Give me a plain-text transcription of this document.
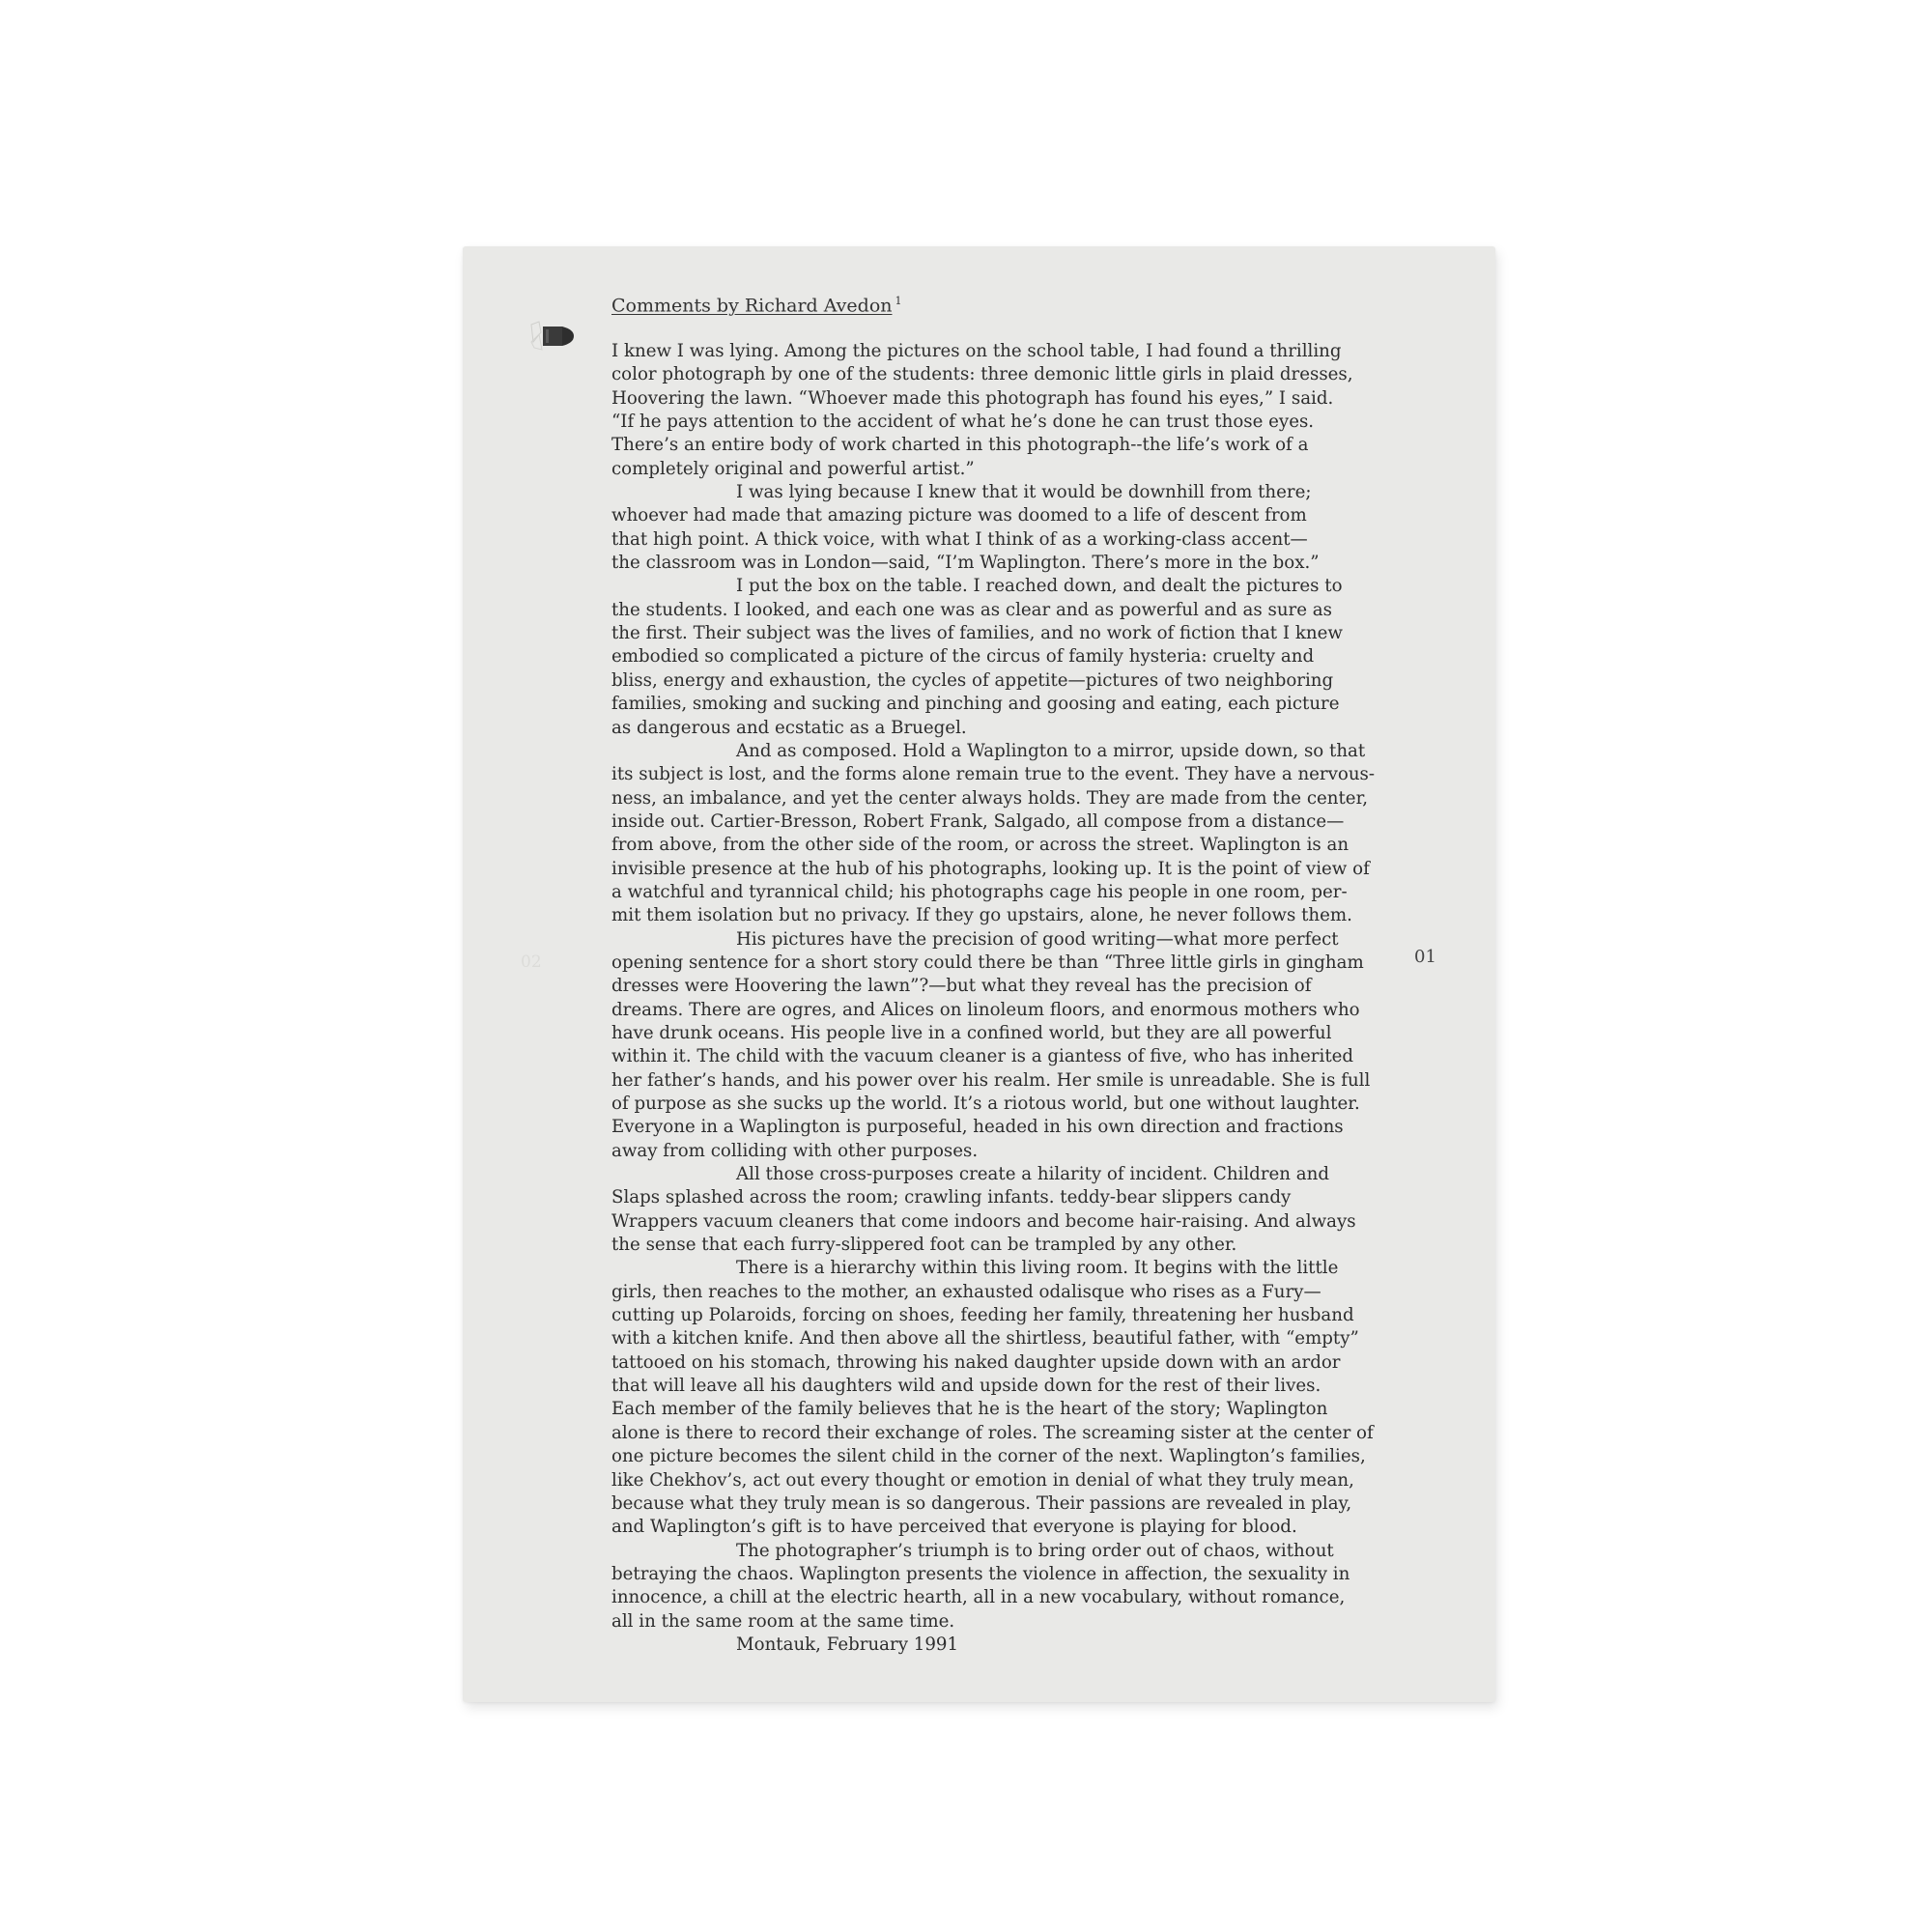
Comments by Richard Avedon $^1$
I knew I was lying. Among the pictures on the school table, I had found a thrilling
color photograph by one of the students: three demonic little girls in plaid dresses,
Hoovering the lawn. “Whoever made this photograph has found his eyes,” I said.
“If he pays attention to the accident of what he’s done he can trust those eyes.
There’s an entire body of work charted in this photograph--the life’s work of a
completely original and powerful artist.”
I was lying because I knew that it would be downhill from there;
whoever had made that amazing picture was doomed to a life of descent from
that high point. A thick voice, with what I think of as a working-class accent—
the classroom was in London—said, “I’m Waplington. There’s more in the box.”
I put the box on the table. I reached down, and dealt the pictures to
the students. I looked, and each one was as clear and as powerful and as sure as
the first. Their subject was the lives of families, and no work of fiction that I knew
embodied so complicated a picture of the circus of family hysteria: cruelty and
bliss, energy and exhaustion, the cycles of appetite—pictures of two neighboring
families, smoking and sucking and pinching and goosing and eating, each picture
as dangerous and ecstatic as a Bruegel.
And as composed. Hold a Waplington to a mirror, upside down, so that
its subject is lost, and the forms alone remain true to the event. They have a nervous-
ness, an imbalance, and yet the center always holds. They are made from the center,
inside out. Cartier-Bresson, Robert Frank, Salgado, all compose from a distance—
from above, from the other side of the room, or across the street. Waplington is an
invisible presence at the hub of his photographs, looking up. It is the point of view of
a watchful and tyrannical child; his photographs cage his people in one room, per-
mit them isolation but no privacy. If they go upstairs, alone, he never follows them.
His pictures have the precision of good writing—what more perfect
opening sentence for a short story could there be than “Three little girls in gingham
dresses were Hoovering the lawn”?—but what they reveal has the precision of
dreams. There are ogres, and Alices on linoleum floors, and enormous mothers who
have drunk oceans. His people live in a confined world, but they are all powerful
within it. The child with the vacuum cleaner is a giantess of five, who has inherited
her father’s hands, and his power over his realm. Her smile is unreadable. She is full
of purpose as she sucks up the world. It’s a riotous world, but one without laughter.
Everyone in a Waplington is purposeful, headed in his own direction and fractions
away from colliding with other purposes.
All those cross-purposes create a hilarity of incident. Children and
Slaps splashed across the room; crawling infants. teddy-bear slippers candy
Wrappers vacuum cleaners that come indoors and become hair-raising. And always
the sense that each furry-slippered foot can be trampled by any other.
There is a hierarchy within this living room. It begins with the little
girls, then reaches to the mother, an exhausted odalisque who rises as a Fury—
cutting up Polaroids, forcing on shoes, feeding her family, threatening her husband
with a kitchen knife. And then above all the shirtless, beautiful father, with “empty”
tattooed on his stomach, throwing his naked daughter upside down with an ardor
that will leave all his daughters wild and upside down for the rest of their lives.
Each member of the family believes that he is the heart of the story; Waplington
alone is there to record their exchange of roles. The screaming sister at the center of
one picture becomes the silent child in the corner of the next. Waplington’s families,
like Chekhov’s, act out every thought or emotion in denial of what they truly mean,
because what they truly mean is so dangerous. Their passions are revealed in play,
and Waplington’s gift is to have perceived that everyone is playing for blood.
The photographer’s triumph is to bring order out of chaos, without
betraying the chaos. Waplington presents the violence in affection, the sexuality in
innocence, a chill at the electric hearth, all in a new vocabulary, without romance,
all in the same room at the same time.
Montauk, February 1991
01
02
